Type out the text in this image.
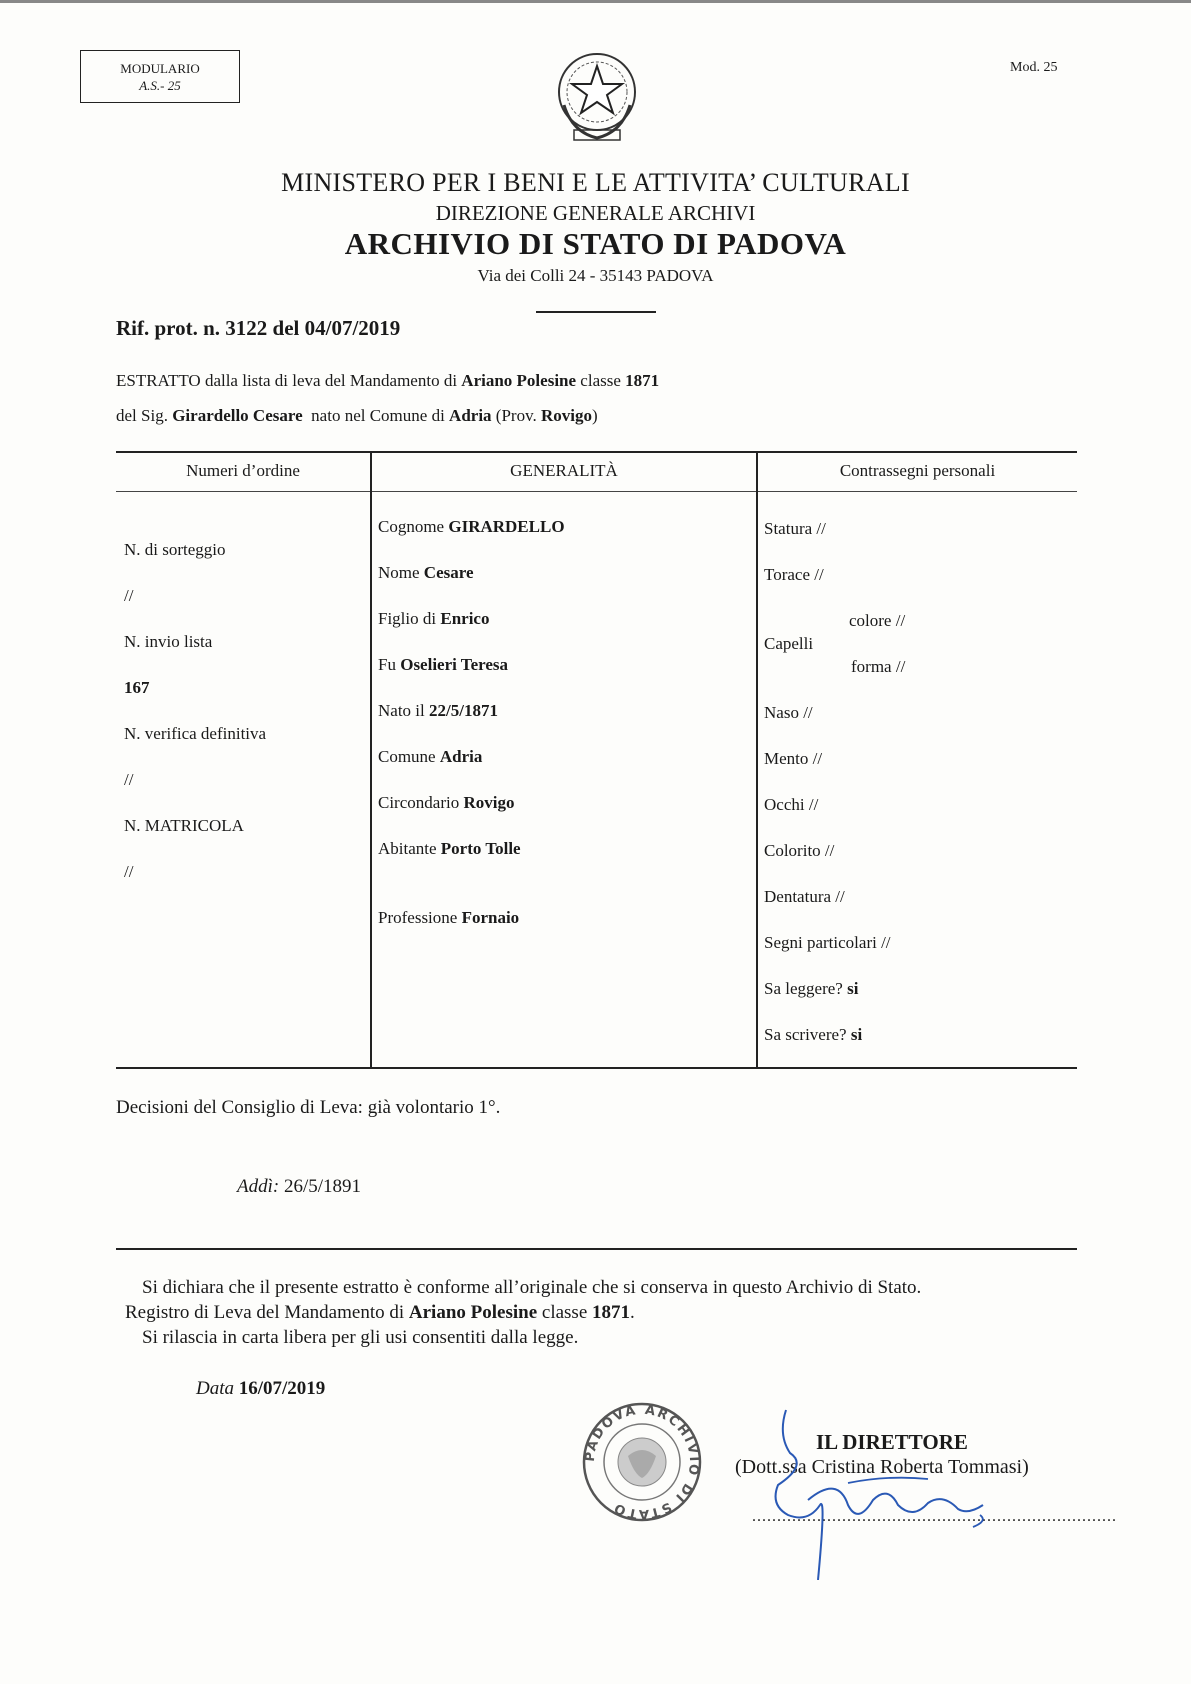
MODULARIO
A.S.- 25
Mod. 25
MINISTERO PER I BENI E LE ATTIVITA’ CULTURALI
DIREZIONE GENERALE ARCHIVI
ARCHIVIO DI STATO DI PADOVA
Via dei Colli 24 - 35143 PADOVA
Rif. prot. n. 3122 del 04/07/2019
ESTRATTO dalla lista di leva del Mandamento di Ariano Polesine classe 1871
del Sig. Girardello Cesare  nato nel Comune di Adria (Prov. Rovigo)
Numeri d’ordine	GENERALITÀ	Contrassegni personali
N. di sorteggio
//
N. invio lista
167
N. verifica definitiva
//
N. MATRICOLA
//
Cognome GIRARDELLO
Nome Cesare
Figlio di Enrico
Fu Oselieri Teresa
Nato il 22/5/1871
Comune Adria
Circondario Rovigo
Abitante Porto Tolle
Professione Fornaio
Statura //
Torace //
colore //
Capelli
forma //
Naso //
Mento //
Occhi //
Colorito //
Dentatura //
Segni particolari //
Sa leggere? si
Sa scrivere? si
Decisioni del Consiglio di Leva: già volontario 1°.
Addì: 26/5/1891
Si dichiara che il presente estratto è conforme all’originale che si conserva in questo Archivio di Stato.
Registro di Leva del Mandamento di Ariano Polesine classe 1871.
Si rilascia in carta libera per gli usi consentiti dalla legge.
Data 16/07/2019
PADOVA ARCHIVIO DI STATO
IL DIRETTORE
(Dott.ssa Cristina Roberta Tommasi)
.........................................................................
